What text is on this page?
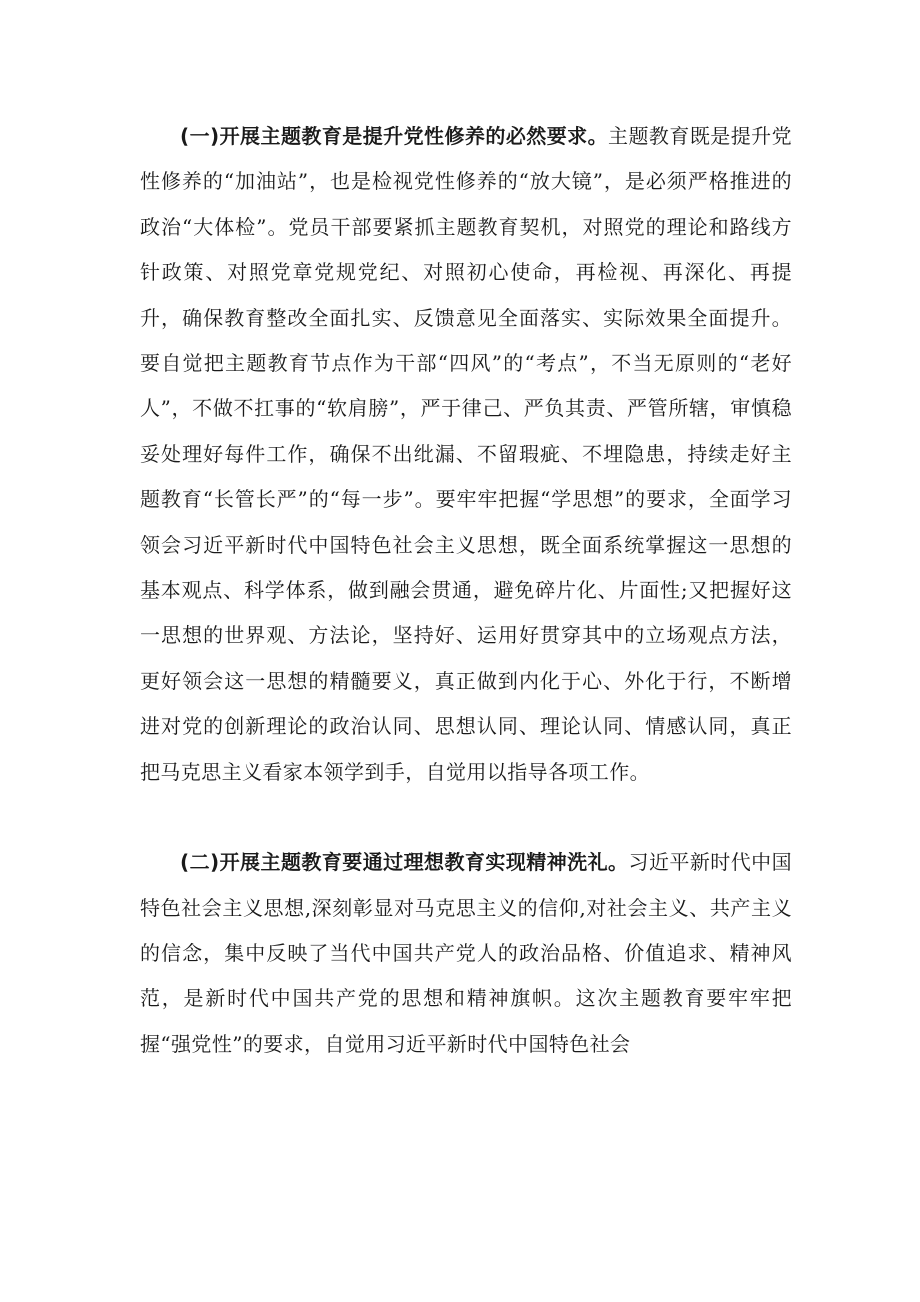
(一)开展主题教育是提升党性修养的必然要求。主题教育既是提升党性修养的“加油站”，也是检视党性修养的“放大镜”，是必须严格推进的政治“大体检”。党员干部要紧抓主题教育契机，对照党的理论和路线方针政策、对照党章党规党纪、对照初心使命，再检视、再深化、再提升，确保教育整改全面扎实、反馈意见全面落实、实际效果全面提升。要自觉把主题教育节点作为干部“四风”的“考点”，不当无原则的“老好人”，不做不扛事的“软肩膀”，严于律己、严负其责、严管所辖，审慎稳妥处理好每件工作，确保不出纰漏、不留瑕疵、不埋隐患，持续走好主题教育“长管长严”的“每一步”。要牢牢把握“学思想”的要求，全面学习领会习近平新时代中国特色社会主义思想，既全面系统掌握这一思想的基本观点、科学体系，做到融会贯通，避免碎片化、片面性;又把握好这一思想的世界观、方法论，坚持好、运用好贯穿其中的立场观点方法，更好领会这一思想的精髓要义，真正做到内化于心、外化于行，不断增进对党的创新理论的政治认同、思想认同、理论认同、情感认同，真正把马克思主义看家本领学到手，自觉用以指导各项工作。

(二)开展主题教育要通过理想教育实现精神洗礼。习近平新时代中国特色社会主义思想,深刻彰显对马克思主义的信仰,对社会主义、共产主义的信念，集中反映了当代中国共产党人的政治品格、价值追求、精神风范，是新时代中国共产党的思想和精神旗帜。这次主题教育要牢牢把握“强党性”的要求，自觉用习近平新时代中国特色社会
